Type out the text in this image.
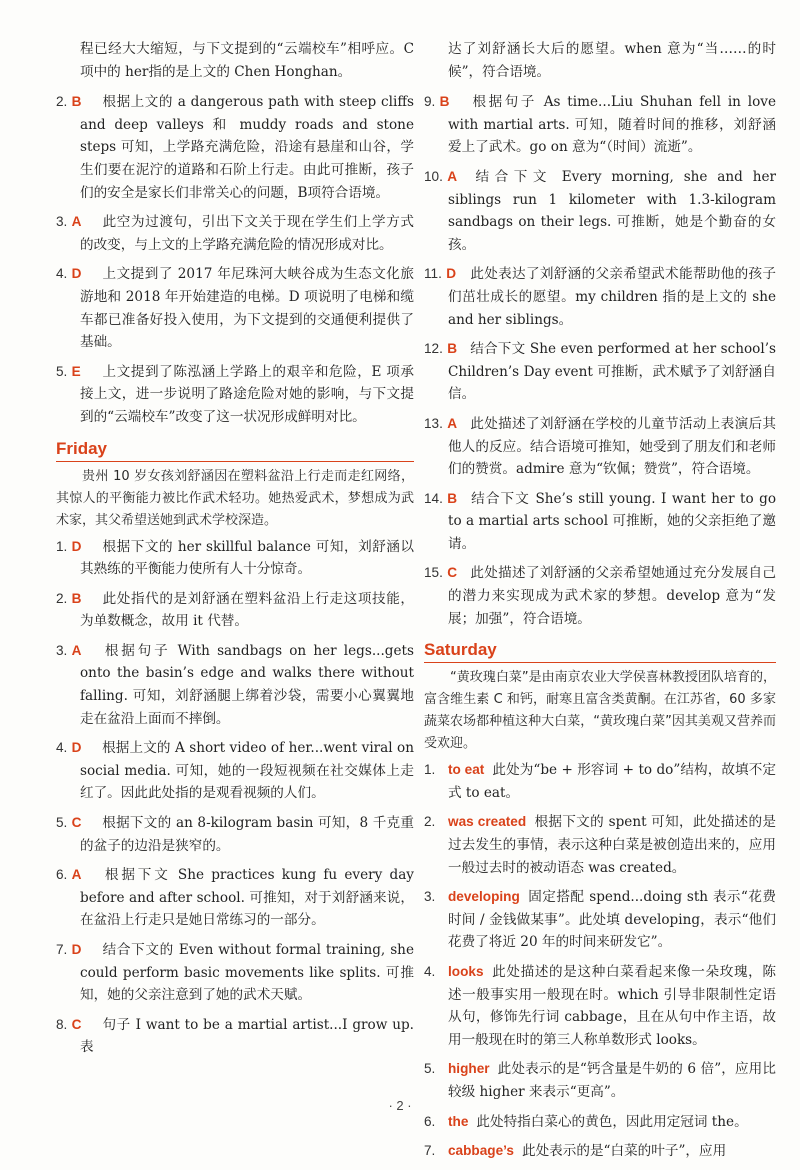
程已经大大缩短，与下文提到的“云端校车”相呼应。C项中的 her指的是上文的 Chen Honghan。

2. B	根据上文的 a dangerous path with steep cliffs and deep valleys 和 muddy roads and stone steps 可知，上学路充满危险，沿途有悬崖和山谷，学生们要在泥泞的道路和石阶上行走。由此可推断，孩子们的安全是家长们非常关心的问题，B项符合语境。

3. A	此空为过渡句，引出下文关于现在学生们上学方式的改变，与上文的上学路充满危险的情况形成对比。

4. D	上文提到了 2017 年尼珠河大峡谷成为生态文化旅游地和 2018 年开始建造的电梯。D 项说明了电梯和缆车都已准备好投入使用，为下文提到的交通便利提供了基础。

5. E	上文提到了陈泓涵上学路上的艰辛和危险，E 项承接上文，进一步说明了路途危险对她的影响，与下文提到的“云端校车”改变了这一状况形成鲜明对比。

Friday

贵州 10 岁女孩刘舒涵因在塑料盆沿上行走而走红网络，其惊人的平衡能力被比作武术轻功。她热爱武术，梦想成为武术家，其父希望送她到武术学校深造。

1. D	根据下文的 her skillful balance 可知，刘舒涵以其熟练的平衡能力使所有人十分惊奇。

2. B	此处指代的是刘舒涵在塑料盆沿上行走这项技能，为单数概念，故用 it 代替。

3. A	根据句子 With sandbags on her legs...gets onto the basin’s edge and walks there without falling. 可知，刘舒涵腿上绑着沙袋，需要小心翼翼地走在盆沿上面而不摔倒。

4. D	根据上文的 A short video of her...went viral on social media. 可知，她的一段短视频在社交媒体上走红了。因此此处指的是观看视频的人们。

5. C	根据下文的 an 8-kilogram basin 可知，8 千克重的盆子的边沿是狭窄的。

6. A	根据下文 She practices kung fu every day before and after school. 可推知，对于刘舒涵来说，在盆沿上行走只是她日常练习的一部分。

7. D	结合下文的 Even without formal training, she could perform basic movements like splits. 可推知，她的父亲注意到了她的武术天赋。

8. C	句子 I want to be a martial artist...I grow up. 表

达了刘舒涵长大后的愿望。when 意为“当……的时候”，符合语境。

9. B	根据句子 As time...Liu Shuhan fell in love with martial arts. 可知，随着时间的推移，刘舒涵爱上了武术。go on 意为“（时间）流逝”。

10. A 结合下文 Every morning, she and her siblings run 1 kilometer with 1.3-kilogram sandbags on their legs. 可推断，她是个勤奋的女孩。

11. D	此处表达了刘舒涵的父亲希望武术能帮助他的孩子们茁壮成长的愿望。my children 指的是上文的 she and her siblings。

12. B 结合下文 She even performed at her school’s Children’s Day event 可推断，武术赋予了刘舒涵自信。

13. A 此处描述了刘舒涵在学校的儿童节活动上表演后其他人的反应。结合语境可推知，她受到了朋友们和老师们的赞赏。admire 意为“钦佩；赞赏”，符合语境。

14. B 结合下文 She’s still young. I want her to go to a martial arts school 可推断，她的父亲拒绝了邀请。

15. C 此处描述了刘舒涵的父亲希望她通过充分发展自己的潜力来实现成为武术家的梦想。develop 意为“发展；加强”，符合语境。

Saturday

“黄玫瑰白菜”是由南京农业大学侯喜林教授团队培育的，富含维生素 C 和钙，耐寒且富含类黄酮。在江苏省，60 多家蔬菜农场都种植这种大白菜，“黄玫瑰白菜”因其美观又营养而受欢迎。

1. to eat 此处为“be + 形容词 + to do”结构，故填不定式 to eat。

2. was created 根据下文的 spent 可知，此处描述的是过去发生的事情，表示这种白菜是被创造出来的，应用一般过去时的被动语态 was created。

3. developing 固定搭配 spend...doing sth 表示“花费时间 / 金钱做某事”。此处填 developing，表示“他们花费了将近 20 年的时间来研发它”。

4. looks 此处描述的是这种白菜看起来像一朵玫瑰，陈述一般事实用一般现在时。which 引导非限制性定语从句，修饰先行词 cabbage，且在从句中作主语，故用一般现在时的第三人称单数形式 looks。

5. higher 此处表示的是“钙含量是牛奶的 6 倍”，应用比较级 higher 来表示“更高”。

6. the 此处特指白菜心的黄色，因此用定冠词 the。

7. cabbage’s 此处表示的是“白菜的叶子”，应用

· 2 ·
